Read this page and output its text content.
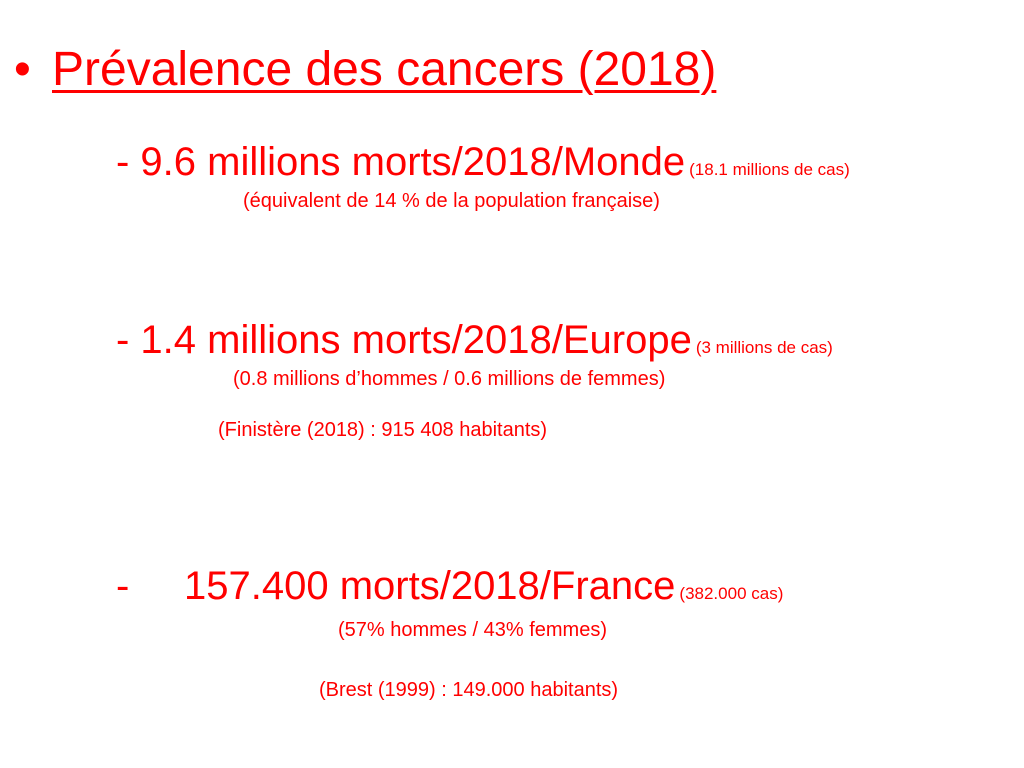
• Prévalence des cancers (2018)
- 9.6 millions morts/2018/Monde (18.1 millions de cas)
(équivalent de 14 % de la population française)
- 1.4 millions morts/2018/Europe (3 millions de cas)
(0.8 millions d’hommes / 0.6 millions de femmes)
(Finistère (2018) : 915 408 habitants)
- 157.400 morts/2018/France (382.000 cas)
(57% hommes / 43% femmes)
(Brest (1999) : 149.000 habitants)
